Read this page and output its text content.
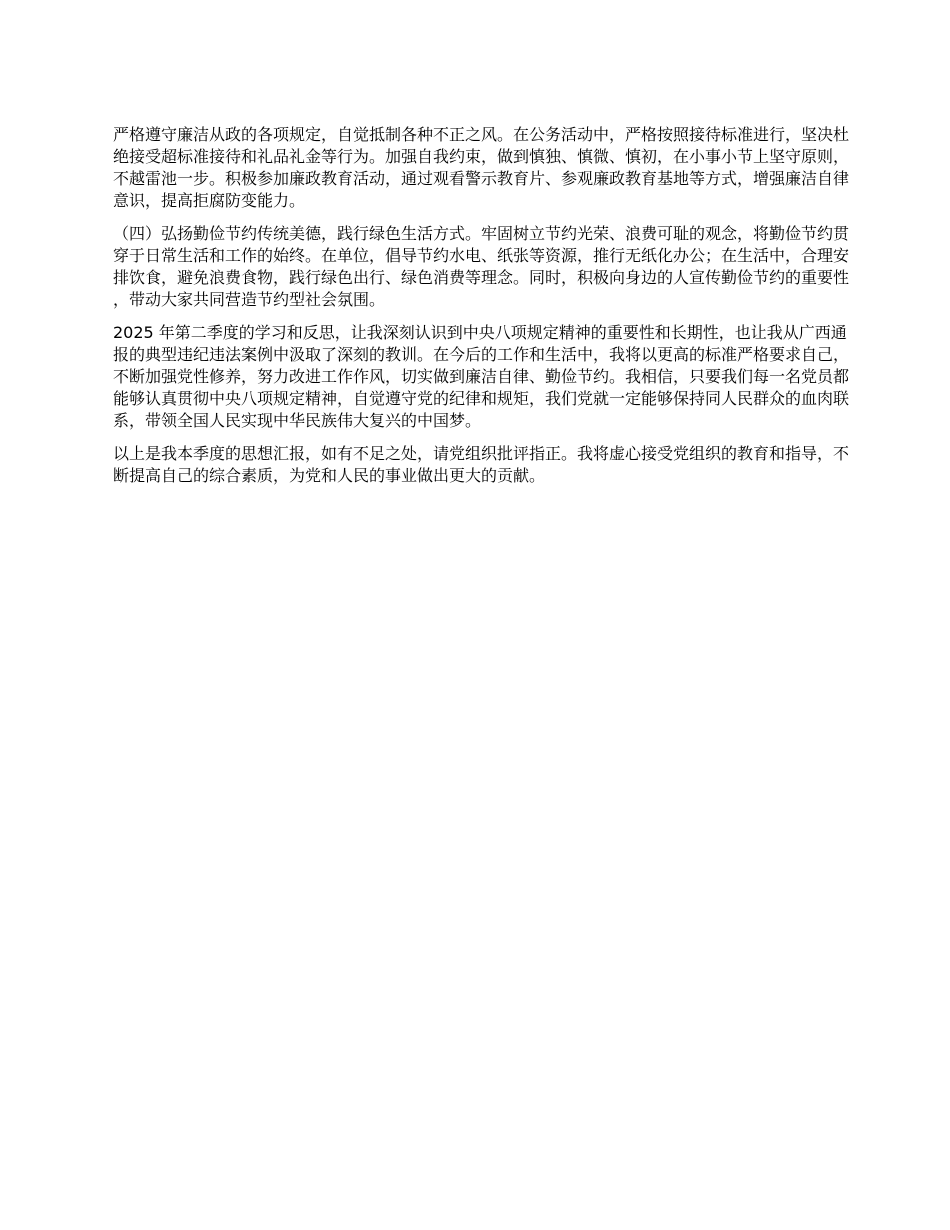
严格遵守廉洁从政的各项规定，自觉抵制各种不正之风。在公务活动中，严格按照接待标准进行，坚决杜绝接受超标准接待和礼品礼金等行为。加强自我约束，做到慎独、慎微、慎初，在小事小节上坚守原则，不越雷池一步。积极参加廉政教育活动，通过观看警示教育片、参观廉政教育基地等方式，增强廉洁自律意识，提高拒腐防变能力。

（四）弘扬勤俭节约传统美德，践行绿色生活方式。牢固树立节约光荣、浪费可耻的观念，将勤俭节约贯穿于日常生活和工作的始终。在单位，倡导节约水电、纸张等资源，推行无纸化办公；在生活中，合理安排饮食，避免浪费食物，践行绿色出行、绿色消费等理念。同时，积极向身边的人宣传勤俭节约的重要性，带动大家共同营造节约型社会氛围。

2025 年第二季度的学习和反思，让我深刻认识到中央八项规定精神的重要性和长期性，也让我从广西通报的典型违纪违法案例中汲取了深刻的教训。在今后的工作和生活中，我将以更高的标准严格要求自己，不断加强党性修养，努力改进工作作风，切实做到廉洁自律、勤俭节约。我相信，只要我们每一名党员都能够认真贯彻中央八项规定精神，自觉遵守党的纪律和规矩，我们党就一定能够保持同人民群众的血肉联系，带领全国人民实现中华民族伟大复兴的中国梦。

以上是我本季度的思想汇报，如有不足之处，请党组织批评指正。我将虚心接受党组织的教育和指导，不断提高自己的综合素质，为党和人民的事业做出更大的贡献。
